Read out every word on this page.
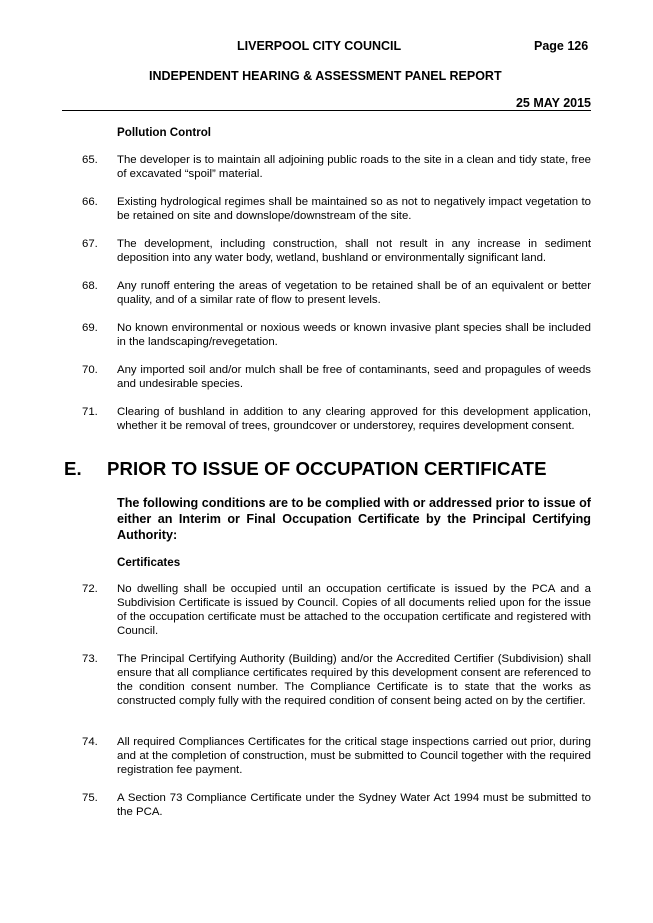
LIVERPOOL CITY COUNCIL	Page 126
INDEPENDENT HEARING & ASSESSMENT PANEL REPORT
25 MAY 2015
Pollution Control
65. The developer is to maintain all adjoining public roads to the site in a clean and tidy state, free of excavated “spoil” material.
66. Existing hydrological regimes shall be maintained so as not to negatively impact vegetation to be retained on site and downslope/downstream of the site.
67. The development, including construction, shall not result in any increase in sediment deposition into any water body, wetland, bushland or environmentally significant land.
68. Any runoff entering the areas of vegetation to be retained shall be of an equivalent or better quality, and of a similar rate of flow to present levels.
69. No known environmental or noxious weeds or known invasive plant species shall be included in the landscaping/revegetation.
70. Any imported soil and/or mulch shall be free of contaminants, seed and propagules of weeds and undesirable species.
71. Clearing of bushland in addition to any clearing approved for this development application, whether it be removal of trees, groundcover or understorey, requires development consent.
E. PRIOR TO ISSUE OF OCCUPATION CERTIFICATE
The following conditions are to be complied with or addressed prior to issue of either an Interim or Final Occupation Certificate by the Principal Certifying Authority:
Certificates
72. No dwelling shall be occupied until an occupation certificate is issued by the PCA and a Subdivision Certificate is issued by Council. Copies of all documents relied upon for the issue of the occupation certificate must be attached to the occupation certificate and registered with Council.
73. The Principal Certifying Authority (Building) and/or the Accredited Certifier (Subdivision) shall ensure that all compliance certificates required by this development consent are referenced to the condition consent number. The Compliance Certificate is to state that the works as constructed comply fully with the required condition of consent being acted on by the certifier.
74. All required Compliances Certificates for the critical stage inspections carried out prior, during and at the completion of construction, must be submitted to Council together with the required registration fee payment.
75. A Section 73 Compliance Certificate under the Sydney Water Act 1994 must be submitted to the PCA.
